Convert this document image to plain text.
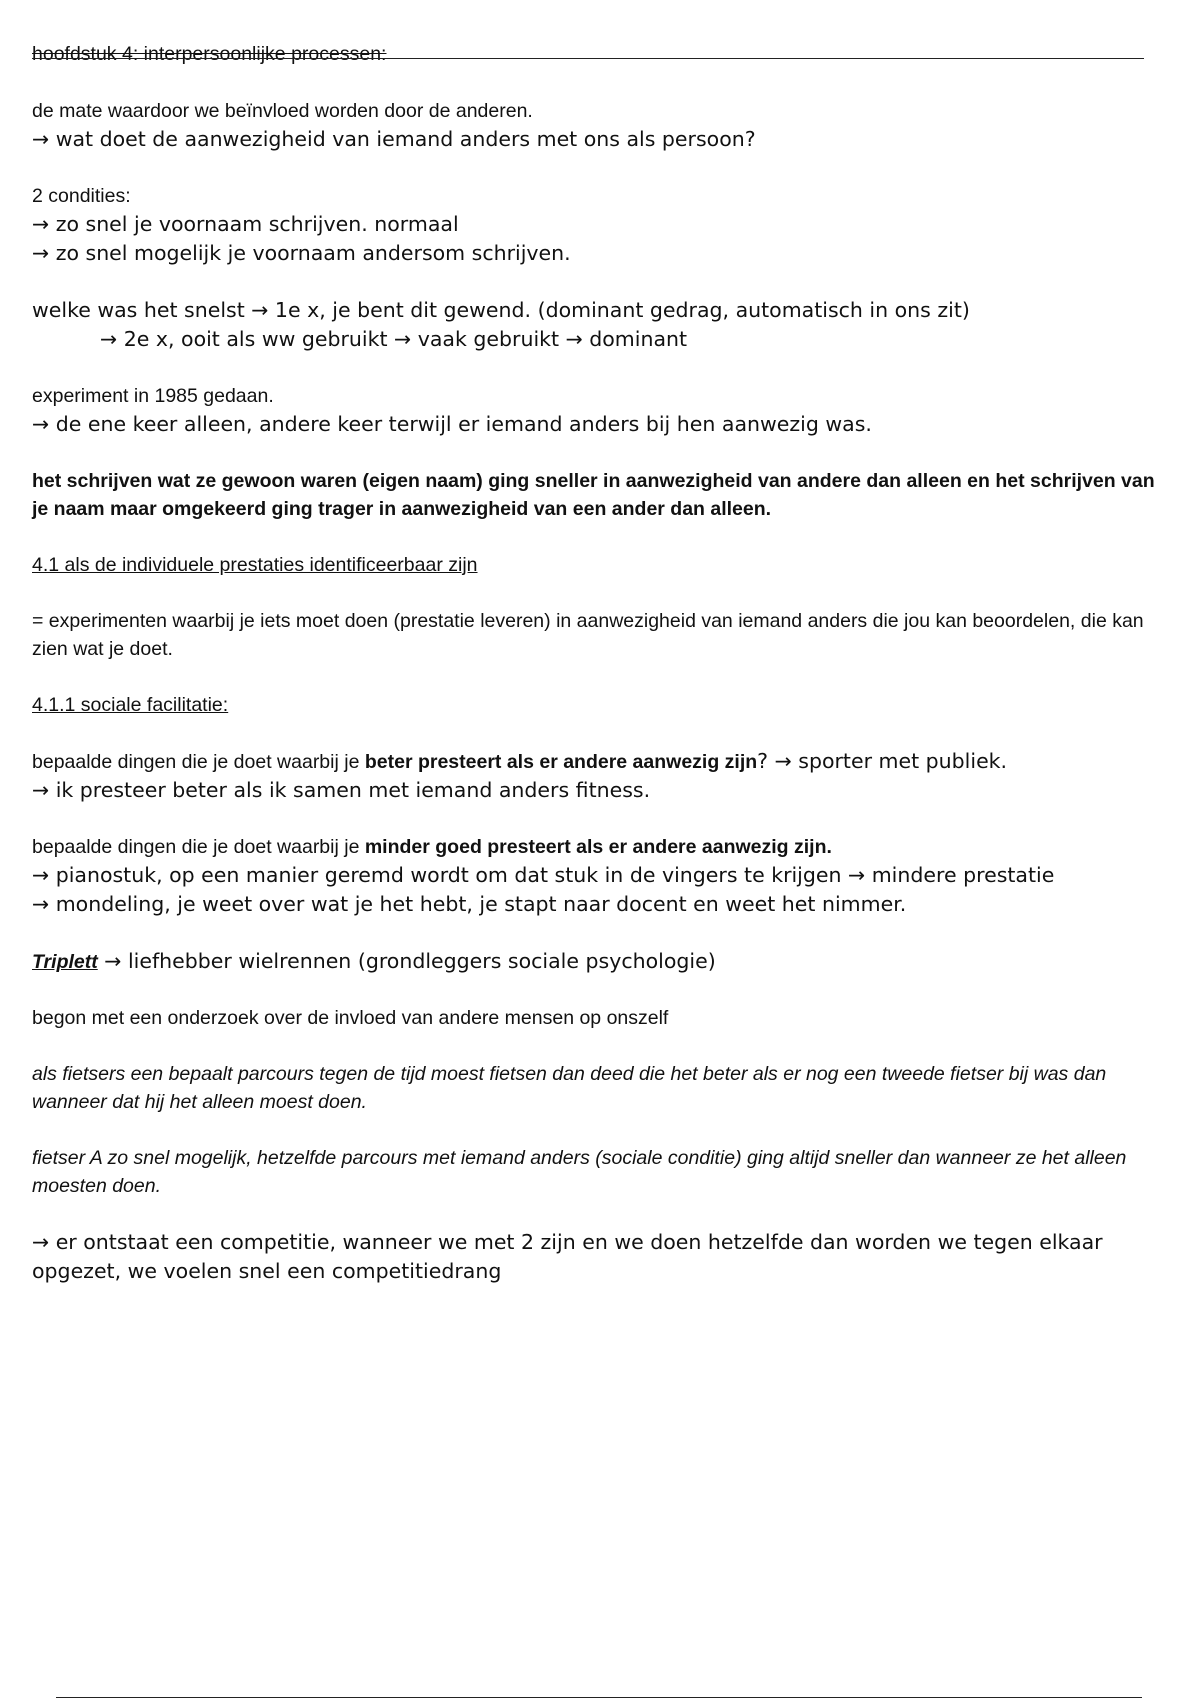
hoofdstuk 4: interpersoonlijke processen:
de mate waardoor we beïnvloed worden door de anderen.
→ wat doet de aanwezigheid van iemand anders met ons als persoon?
2 condities:
→ zo snel je voornaam schrijven. normaal
→ zo snel mogelijk je voornaam andersom schrijven.
welke was het snelst → 1e x, je bent dit gewend. (dominant gedrag, automatisch in ons zit)
→ 2e x, ooit als ww gebruikt → vaak gebruikt → dominant
experiment in 1985 gedaan.
→ de ene keer alleen, andere keer terwijl er iemand anders bij hen aanwezig was.
het schrijven wat ze gewoon waren (eigen naam) ging sneller in aanwezigheid van andere dan alleen en het schrijven van je naam maar omgekeerd ging trager in aanwezigheid van een ander dan alleen.
4.1 als de individuele prestaties identificeerbaar zijn
= experimenten waarbij je iets moet doen (prestatie leveren) in aanwezigheid van iemand anders die jou kan beoordelen, die kan zien wat je doet.
4.1.1 sociale facilitatie:
bepaalde dingen die je doet waarbij je beter presteert als er andere aanwezig zijn? → sporter met publiek.
→ ik presteer beter als ik samen met iemand anders fitness.
bepaalde dingen die je doet waarbij je minder goed presteert als er andere aanwezig zijn.
→ pianostuk, op een manier geremd wordt om dat stuk in de vingers te krijgen → mindere prestatie
→ mondeling, je weet over wat je het hebt, je stapt naar docent en weet het nimmer.
Triplett → liefhebber wielrennen (grondleggers sociale psychologie)
begon met een onderzoek over de invloed van andere mensen op onszelf
als fietsers een bepaalt parcours tegen de tijd moest fietsen dan deed die het beter als er nog een tweede fietser bij was dan wanneer dat hij het alleen moest doen.
fietser A zo snel mogelijk, hetzelfde parcours met iemand anders (sociale conditie) ging altijd sneller dan wanneer ze het alleen moesten doen.
→ er ontstaat een competitie, wanneer we met 2 zijn en we doen hetzelfde dan worden we tegen elkaar opgezet, we voelen snel een competitiedrang
